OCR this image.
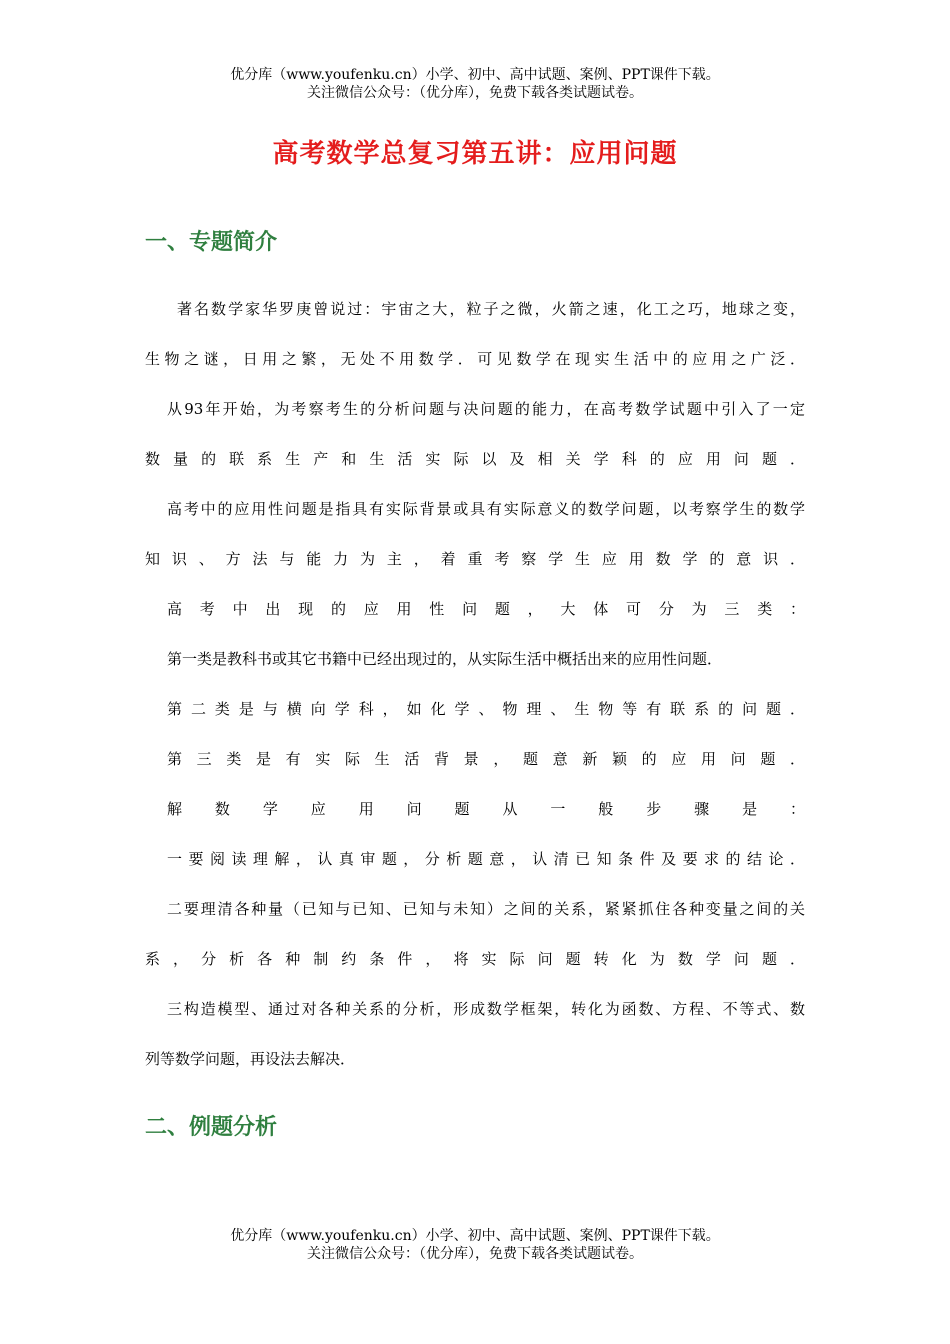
优分库（www.youfenku.cn）小学、初中、高中试题、案例、PPT课件下载。
关注微信公众号：（优分库），免费下载各类试题试卷。
高考数学总复习第五讲：应用问题
一、专题简介
著名数学家华罗庚曾说过：宇宙之大，粒子之微，火箭之速，化工之巧，地球之变，
生物之谜，日用之繁，无处不用数学．可见数学在现实生活中的应用之广泛．
从93年开始，为考察考生的分析问题与决问题的能力，在高考数学试题中引入了一定
数量的联系生产和生活实际以及相关学科的应用问题．
高考中的应用性问题是指具有实际背景或具有实际意义的数学问题，以考察学生的数学
知识、方法与能力为主，着重考察学生应用数学的意识．
高考中出现的应用性问题，大体可分为三类：
第一类是教科书或其它书籍中已经出现过的，从实际生活中概括出来的应用性问题．
第二类是与横向学科，如化学、物理、生物等有联系的问题．
第三类是有实际生活背景，题意新颖的应用问题．
解数学应用问题从一般步骤是：
一要阅读理解，认真审题，分析题意，认清已知条件及要求的结论．
二要理清各种量（已知与已知、已知与未知）之间的关系，紧紧抓住各种变量之间的关
系，分析各种制约条件，将实际问题转化为数学问题．
三构造模型、通过对各种关系的分析，形成数学框架，转化为函数、方程、不等式、数
列等数学问题，再设法去解决．
二、例题分析
优分库（www.youfenku.cn）小学、初中、高中试题、案例、PPT课件下载。
关注微信公众号：（优分库），免费下载各类试题试卷。
